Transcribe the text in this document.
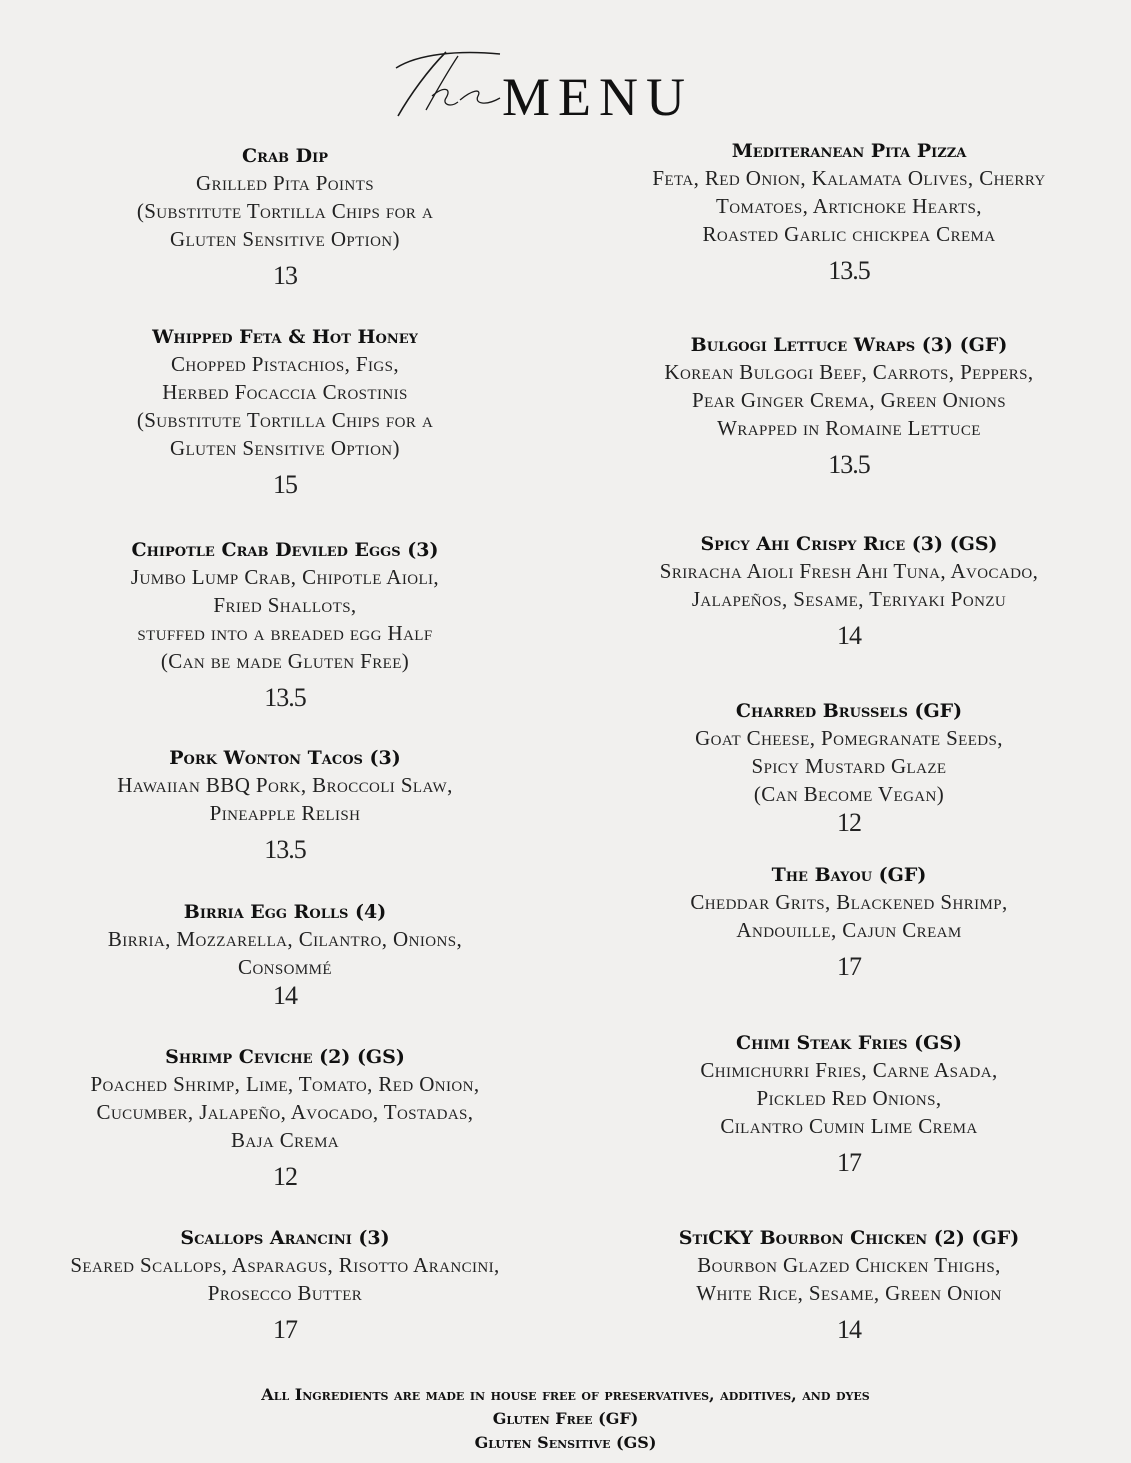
MENU
Crab Dip
Grilled Pita Points
(Substitute Tortilla Chips for a
Gluten Sensitive Option)
13
Whipped Feta & Hot Honey
Chopped Pistachios, Figs,
Herbed Focaccia Crostinis
(Substitute Tortilla Chips for a
Gluten Sensitive Option)
15
Chipotle Crab Deviled Eggs (3)
Jumbo Lump Crab, Chipotle Aioli,
Fried Shallots,
stuffed into a breaded egg Half
(Can be made Gluten Free)
13.5
Pork Wonton Tacos (3)
Hawaiian BBQ Pork, Broccoli Slaw,
Pineapple Relish
13.5
Birria Egg Rolls (4)
Birria, Mozzarella, Cilantro, Onions,
Consommé
14
Shrimp Ceviche (2) (GS)
Poached Shrimp, Lime, Tomato, Red Onion,
Cucumber, Jalapeño, Avocado, Tostadas,
Baja Crema
12
Scallops Arancini (3)
Seared Scallops, Asparagus, Risotto Arancini,
Prosecco Butter
17
Mediteranean Pita Pizza
Feta, Red Onion, Kalamata Olives, Cherry
Tomatoes, Artichoke Hearts,
Roasted Garlic chickpea Crema
13.5
Bulgogi Lettuce Wraps (3) (GF)
Korean Bulgogi Beef, Carrots, Peppers,
Pear Ginger Crema, Green Onions
Wrapped in Romaine Lettuce
13.5
Spicy Ahi Crispy Rice (3) (GS)
Sriracha Aioli Fresh Ahi Tuna, Avocado,
Jalapeños, Sesame, Teriyaki Ponzu
14
Charred Brussels (GF)
Goat Cheese, Pomegranate Seeds,
Spicy Mustard Glaze
(Can Become Vegan)
12
The Bayou (GF)
Cheddar Grits, Blackened Shrimp,
Andouille, Cajun Cream
17
Chimi Steak Fries (GS)
Chimichurri Fries, Carne Asada,
Pickled Red Onions,
Cilantro Cumin Lime Crema
17
StiCKY Bourbon Chicken (2) (GF)
Bourbon Glazed Chicken Thighs,
White Rice, Sesame, Green Onion
14
All Ingredients are made in house free of preservatives, additives, and dyes
Gluten Free (GF)
Gluten Sensitive (GS)
